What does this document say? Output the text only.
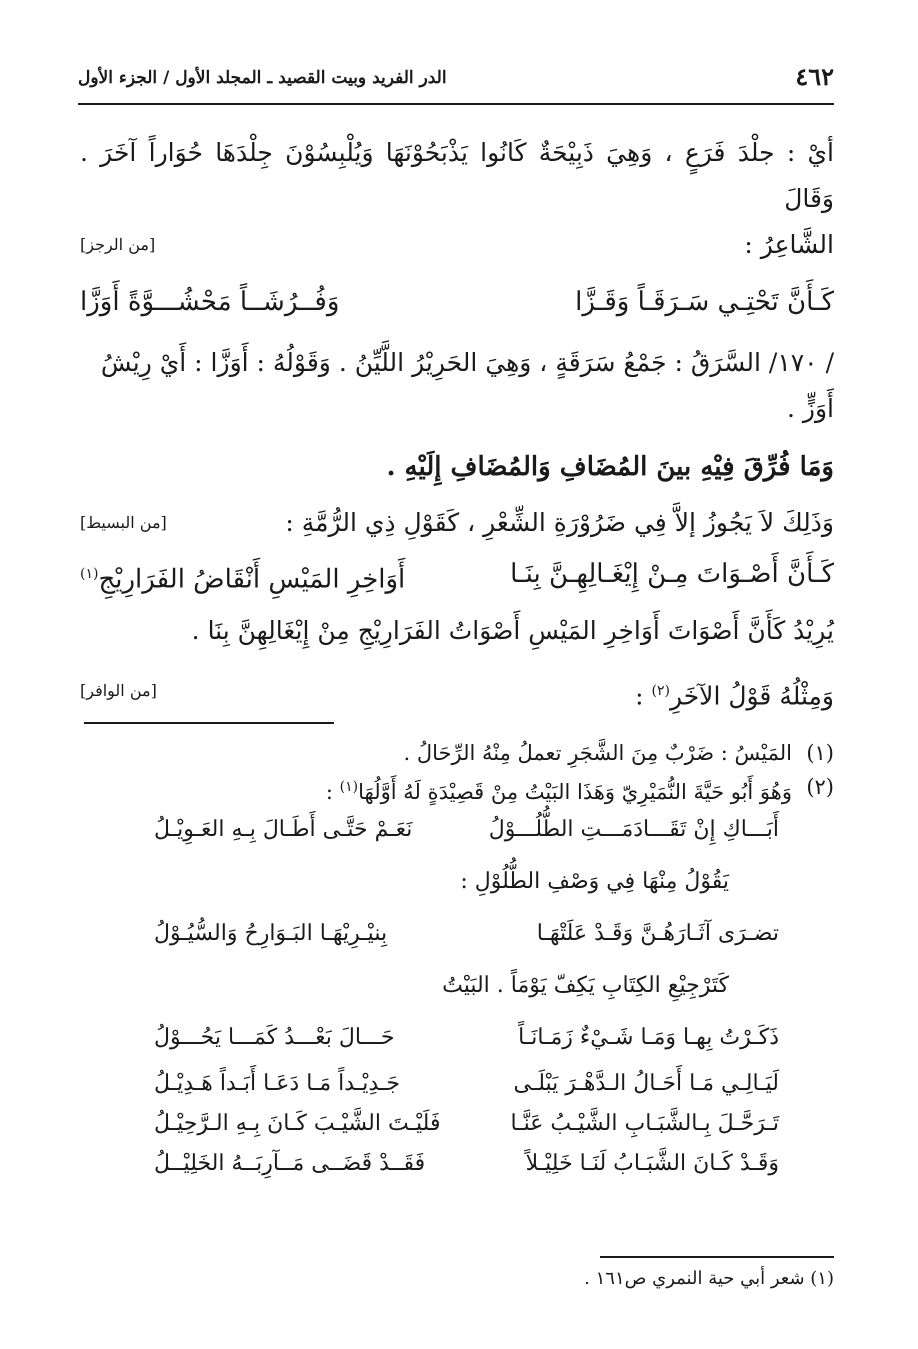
٤٦٢
الدر الفريد وبيت القصيد ـ المجلد الأول / الجزء الأول

أيْ : جلْدَ فَرَعٍ ، وَهِيَ ذَبِيْحَةٌ كَانُوا يَذْبَحُوْنَهَا وَيُلْبِسُوْنَ جِلْدَهَا حُوَاراً آخَرَ . وَقَالَ

الشَّاعِرُ :
[من الرجز]
كَـأَنَّ تَحْتِـي سَـرَقَـاً وَقَـزَّا
وَفُــرُشَــاً مَحْشُـــوَّةً أَوَزَّا

/ ١٧٠/ السَّرَقُ : جَمْعُ سَرَقَةٍ ، وَهِيَ الحَرِيْرُ اللَّيِّنُ . وَقَوْلُهُ : أَوَزَّا : أَيْ رِيْشُ

أَوَزٍّ .
وَمَا فُرِّقَ فِيْهِ بينَ المُضَافِ وَالمُضَافِ إِلَيْهِ .
وَذَلِكَ لاَ يَجُوزُ إلاَّ فِي ضَرُوْرَةِ الشِّعْرِ ، كَقَوْلِ ذِي الرُّمَّةِ :
[من البسيط]
كَـأَنَّ أَصْـوَاتَ مِـنْ إِيْغَـالِهِـنَّ بِنَـا
أَوَاخِرِ المَيْسِ أَنْقَاضُ الفَرَارِيْجِ$^{(١)}$
يُرِيْدُ كَأَنَّ أَصْوَاتَ أَوَاخِرِ المَيْسِ أَصْوَاتُ الفَرَارِيْجِ مِنْ إِيْغَالِهِنَّ بِنَا .
وَمِثْلُهُ قَوْلُ الآخَرِ$^{(٢)}$ :
[من الوافر]
(١)
المَيْسُ : ضَرْبٌ مِنَ الشَّجَرِ تعملُ مِنْهُ الرِّحَالُ .
(٢)
وَهُوَ أَبُو حَيَّةَ النُّمَيْرِيّ وَهَذَا البَيْتُ مِنْ قَصِيْدَةٍ لَهُ أَوَّلُهَا$^{(١)}$ :
أَبَـــاكِ إِنْ تَقَـــادَمَـــتِ الطُّلُـــوْلُ
نَعَـمْ حَتَّـى أَطَـالَ بِـهِ العَـوِيْـلُ
يَقُوْلُ مِنْهَا فِي وَصْفِ الطُّلُوْلِ :
تضـرَى آثَـارَهُـنَّ وَقَـدْ عَلَتْهَـا
بِنيْـرِيْهَـا البَـوَارِحُ وَالسُّيُـوْلُ
كَتَرْجِيْعِ الكِتَابِ يَكِفّ يَوْمَاً . البَيْتُ
ذَكَـرْتُ بِهـا وَمَـا شَـيْءٌ زَمَـانَـاً
حَـــالَ بَعْـــدُ كَمَـــا يَحُـــوْلُ
لَيَـالِـي مَـا أَحَـالُ الـدَّهْـرَ يَبْلَـى
جَـدِيْـداً مَـا دَعَـا أَبَـداً هَـدِيْـلُ
تَـرَحَّـلَ بِـالشَّبَـابِ الشَّيْـبُ عَنَّـا
فَلَيْـتَ الشَّيْـبَ كَـانَ بِـهِ الـرَّحِيْـلُ
وَقَـدْ كَـانَ الشَّبَـابُ لَنَـا خَلِيْـلاً
فَقَــدْ قَضَــى مَــآرِبَــهُ الخَلِيْــلُ
(١) شعر أبي حية النمري ص١٦١ .
